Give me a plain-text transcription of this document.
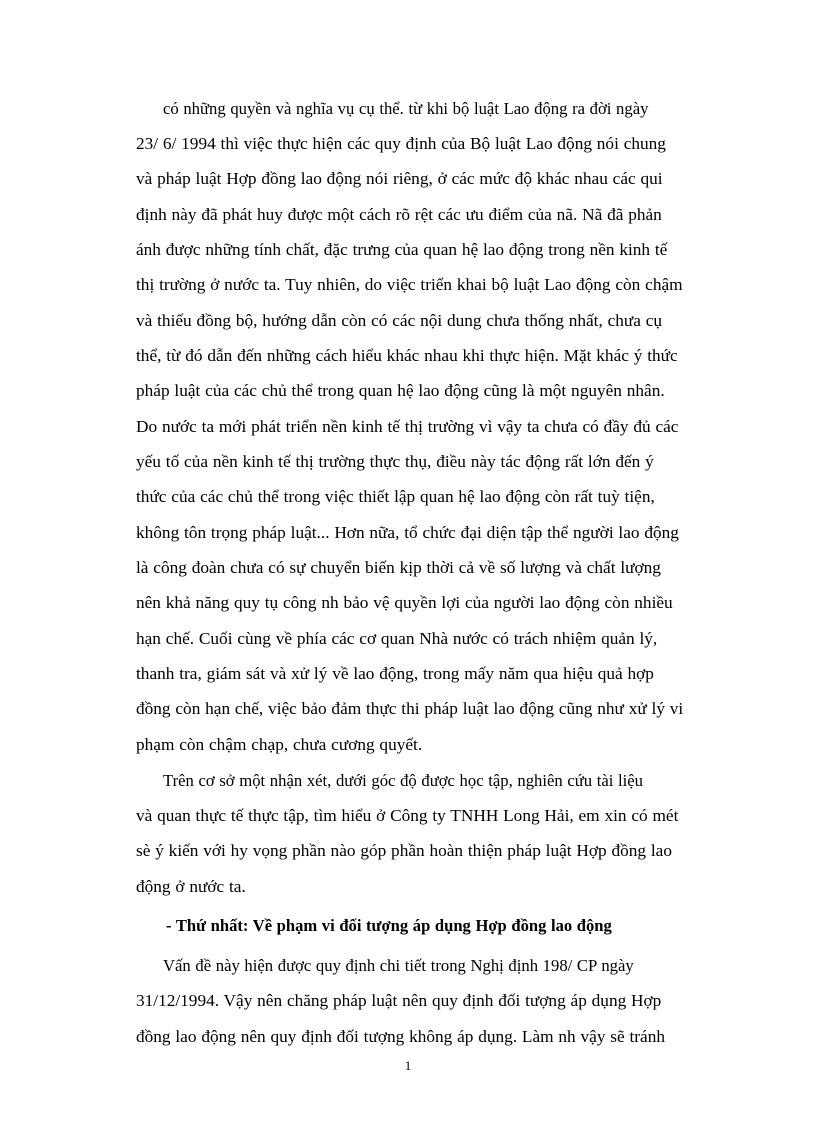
có những quyền và nghĩa vụ cụ thể. từ khi bộ luật Lao động ra đời ngày
23/ 6/ 1994 thì việc thực hiện các quy định của Bộ luật Lao động nói chung
và pháp luật Hợp đồng lao động nói riêng, ở các mức độ khác nhau các qui
định này đã phát huy được một cách rõ rệt các ưu điểm của nã. Nã đã phản
ánh được những tính chất, đặc trưng của quan hệ lao động trong nền kinh tế
thị trường ở nước ta. Tuy nhiên, do việc triển khai bộ luật Lao động còn chậm
và thiếu đồng bộ, hướng dẫn còn có các nội dung chưa thống nhất, chưa cụ
thể, từ đó dẫn đến những cách hiểu khác nhau khi thực hiện. Mặt khác ý thức
pháp luật của các chủ thể trong quan hệ lao động cũng là một nguyên nhân.
Do nước ta mới phát triển nền kinh tế thị trường vì vậy ta chưa có đầy đủ các
yếu tố của nền kinh tế thị trường thực thụ, điều này tác động rất lớn đến ý
thức của các chủ thể trong việc thiết lập quan hệ lao động còn rất tuỳ tiện,
không tôn trọng pháp luật... Hơn nữa, tổ chức đại diện tập thể người lao động
là công đoàn chưa có sự chuyển biến kịp thời cả về số lượng và chất lượng
nên khả năng quy tụ công nh bảo vệ quyền lợi của người lao động còn nhiều
hạn chế. Cuối cùng về phía các cơ quan Nhà nước có trách nhiệm quản lý,
thanh tra, giám sát và xử lý về lao động, trong mấy năm qua hiệu quả hợp
đồng còn hạn chế, việc bảo đảm thực thi pháp luật lao động cũng như xử lý vi
phạm còn chậm chạp, chưa cương quyết.
Trên cơ sở một nhận xét, dưới góc độ được học tập, nghiên cứu tài liệu
và quan thực tế thực tập, tìm hiểu ở Công ty TNHH Long Hải, em xin có mét
sè ý kiến với hy vọng phần nào góp phần hoàn thiện pháp luật Hợp đồng lao
động ở nước ta.
- Thứ nhất: Về phạm vi đối tượng áp dụng Hợp đồng lao động
Vấn đề này hiện được quy định chi tiết trong Nghị định 198/ CP ngày
31/12/1994. Vậy nên chăng pháp luật nên quy định đối tượng áp dụng Hợp
đồng lao động nên quy định đối tượng không áp dụng. Làm nh vậy sẽ tránh
1
